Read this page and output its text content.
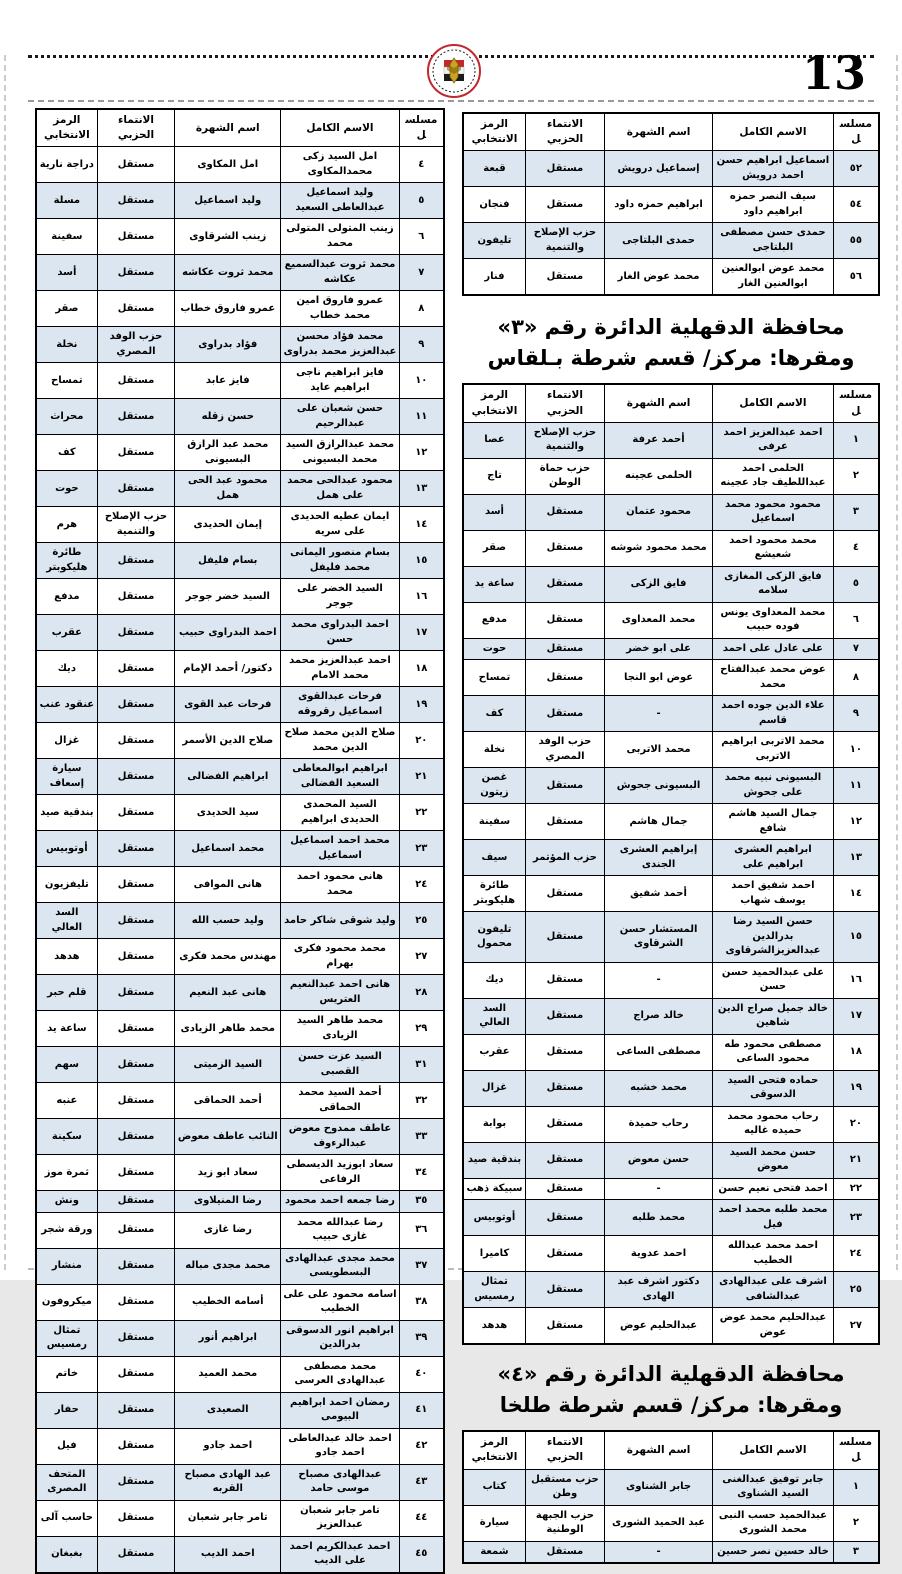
13
مسلسل	الاسم الكامل	اسم الشهرة	الانتماء الحزبي	الرمز الانتخابي
٤	امل السيد زكى محمدالمكاوى	امل المكاوى	مستقل	دراجة نارية
٥	وليد اسماعيل عبدالعاطى السعيد	وليد اسماعيل	مستقل	مسلة
٦	زينب المتولى المتولى محمد	زينب الشرقاوى	مستقل	سفينة
٧	محمد ثروت عبدالسميع عكاشه	محمد ثروت عكاشه	مستقل	أسد
٨	عمرو فاروق امين محمد خطاب	عمرو فاروق خطاب	مستقل	صقر
٩	محمد فؤاد محسن عبدالعزيز محمد بدراوى	فؤاد بدراوى	حزب الوفد المصري	نخلة
١٠	فايز ابراهيم ناجى ابراهيم عايد	فايز عابد	مستقل	تمساح
١١	حسن شعبان على عبدالرحيم	حسن زقله	مستقل	محراث
١٢	محمد عبدالرازق السيد محمد البسيونى	محمد عبد الرازق البسيونى	مستقل	كف
١٣	محمود عبدالحى محمد على همل	محمود عبد الحى همل	مستقل	حوت
١٤	ايمان عطيه الحديدى على سريه	إيمان الحديدى	حزب الإصلاح والتنمية	هرم
١٥	بسام منصور اليمانى محمد فليفل	بسام فليفل	مستقل	طائرة هليكوبتر
١٦	السيد الخضر على جوجر	السيد خضر جوجر	مستقل	مدفع
١٧	احمد البدراوى محمد حسن	احمد البدراوى حبيب	مستقل	عقرب
١٨	احمد عبدالعزيز محمد محمد الامام	دكتور/ أحمد الإمام	مستقل	ديك
١٩	فرحات عبدالقوى اسماعيل رقروقه	فرحات عبد القوى	مستقل	عنقود عنب
٢٠	صلاح الدين محمد صلاح الدين محمد	صلاح الدين الأسمر	مستقل	غزال
٢١	ابراهيم ابوالمعاطى السعيد الفضالى	ابراهيم الفضالى	مستقل	سيارة إسعاف
٢٢	السيد المحمدى الحديدى ابراهيم	سيد الحديدى	مستقل	بندقية صيد
٢٣	محمد احمد اسماعيل اسماعيل	محمد اسماعيل	مستقل	أوتوبيس
٢٤	هانى محمود احمد محمد	هانى الموافى	مستقل	تليفزيون
٢٥	وليد شوقى شاكر حامد	وليد حسب الله	مستقل	السد العالي
٢٧	محمد محمود فكرى بهرام	مهندس محمد فكرى	مستقل	هدهد
٢٨	هانى احمد عبدالنعيم العتريس	هانى عبد النعيم	مستقل	قلم حبر
٢٩	محمد طاهر السيد الزيادى	محمد طاهر الزيادى	مستقل	ساعة يد
٣١	السيد عزت حسن القصبى	السيد الزميتى	مستقل	سهم
٣٢	أحمد السيد محمد الحماقى	أحمد الحماقى	مستقل	عنبه
٣٣	عاطف ممدوح معوض عبدالرءوف	النائب عاطف معوض	مستقل	سكينة
٣٤	سعاد ابوزيد الديسطى الرفاعى	سعاد ابو زيد	مستقل	ثمرة موز
٣٥	رضا جمعه احمد محمود	رضا المنيلاوى	مستقل	ونش
٣٦	رضا عبدالله محمد غازى حبيب	رضا غازى	مستقل	ورقة شجر
٣٧	محمد مجدى عبدالهادى البسطويسى	محمد مجدى مباله	مستقل	منشار
٣٨	اسامه محمود على على الخطيب	أسامه الخطيب	مستقل	ميكروفون
٣٩	ابراهيم انور الدسوقى بدرالدين	ابراهيم أنور	مستقل	تمثال رمسيس
٤٠	محمد مصطفى عبدالهادى العرسى	محمد العميد	مستقل	خاتم
٤١	رمضان احمد ابراهيم البيومى	الصعيدى	مستقل	حفار
٤٢	احمد خالد عبدالعاطى احمد جادو	احمد جادو	مستقل	فيل
٤٣	عبدالهادى مصباح موسى حامد	عبد الهادى مصباح القربه	مستقل	المتحف المصرى
٤٤	تامر جابر شعبان عبدالعزيز	تامر جابر شعبان	مستقل	حاسب آلى
٤٥	احمد عبدالكريم احمد على الديب	احمد الديب	مستقل	بغبغان
مسلسل	الاسم الكامل	اسم الشهرة	الانتماء الحزبي	الرمز الانتخابي
٥٢	اسماعيل ابراهيم حسن احمد درويش	إسماعيل درويش	مستقل	قبعة
٥٤	سيف النصر حمزه ابراهيم داود	ابراهيم حمزه داود	مستقل	فنجان
٥٥	حمدى حسن مصطفى البلتاجى	حمدى البلتاجى	حزب الإصلاح والتنمية	تليفون
٥٦	محمد عوض ابوالعنين ابوالعنين الغار	محمد عوض الغار	مستقل	فنار
محافظة الدقهلية الدائرة رقم «٣»
ومقرها: مركز/ قسم شرطة بـلقاس
مسلسل	الاسم الكامل	اسم الشهرة	الانتماء الحزبي	الرمز الانتخابي
١	احمد عبدالعزيز احمد عرفى	أحمد عرفة	حزب الإصلاح والتنمية	عصا
٢	الحلمى احمد عبداللطيف جاد عجينه	الحلمى عجينه	حزب حماة الوطن	تاج
٣	محمود محمود محمد اسماعيل	محمود عتمان	مستقل	أسد
٤	محمد محمود احمد شعيشع	محمد محمود شوشه	مستقل	صقر
٥	فايق الزكى المغازى سلامه	فايق الزكى	مستقل	ساعة يد
٦	محمد المعداوى يونس فوده حبيب	محمد المعداوى	مستقل	مدفع
٧	على عادل على احمد	على ابو خضر	مستقل	حوت
٨	عوض محمد عبدالفتاح محمد	عوض ابو النجا	مستقل	تمساح
٩	علاء الدين جوده احمد قاسم	-	مستقل	كف
١٠	محمد الاتربى ابراهيم الاتربى	محمد الاتربى	حزب الوفد المصري	نخلة
١١	البسيونى نبيه محمد على جحوش	البسيونى جحوش	مستقل	غصن زيتون
١٢	جمال السيد هاشم شافع	جمال هاشم	مستقل	سفينة
١٣	ابراهيم العشرى ابراهيم على	إبراهيم العشرى الجندى	حزب المؤتمر	سيف
١٤	احمد شفيق احمد يوسف شهاب	أحمد شفيق	مستقل	طائرة هليكوبتر
١٥	حسن السيد رضا بدرالدين عبدالعزيزالشرقاوى	المستشار حسن الشرقاوى	مستقل	تليفون محمول
١٦	على عبدالحميد حسن حسن	-	مستقل	ديك
١٧	خالد جميل صراج الدين شاهين	خالد صراج	مستقل	السد العالي
١٨	مصطفى محمود طه محمود الساعى	مصطفى الساعى	مستقل	عقرب
١٩	حماده فتحى السيد الدسوقى	محمد خشبه	مستقل	غزال
٢٠	رحاب محمود محمد حميده غاليه	رحاب حميدة	مستقل	بوابة
٢١	حسن محمد السيد معوض	حسن معوض	مستقل	بندقية صيد
٢٢	احمد فتحى نعيم حسن	-	مستقل	سبيكة ذهب
٢٣	محمد طلبه محمد احمد فيل	محمد طلبه	مستقل	أوتوبيس
٢٤	احمد محمد عبدالله الخطيب	احمد عدوية	مستقل	كاميرا
٢٥	اشرف على عبدالهادى عبدالشافى	دكتور اشرف عبد الهادى	مستقل	تمثال رمسيس
٢٧	عبدالحليم محمد عوض عوض	عبدالحليم عوض	مستقل	هدهد
محافظة الدقهلية الدائرة رقم «٤»
ومقرها: مركز/ قسم شرطة طلخا
مسلسل	الاسم الكامل	اسم الشهرة	الانتماء الحزبي	الرمز الانتخابي
١	جابر توفيق عبدالغنى السيد الشناوى	جابر الشناوى	حزب مستقبل وطن	كتاب
٢	عبدالحميد حسب النبى محمد الشورى	عبد الحميد الشورى	حزب الجبهة الوطنية	سيارة
٣	خالد حسين نصر حسين	-	مستقل	شمعة
